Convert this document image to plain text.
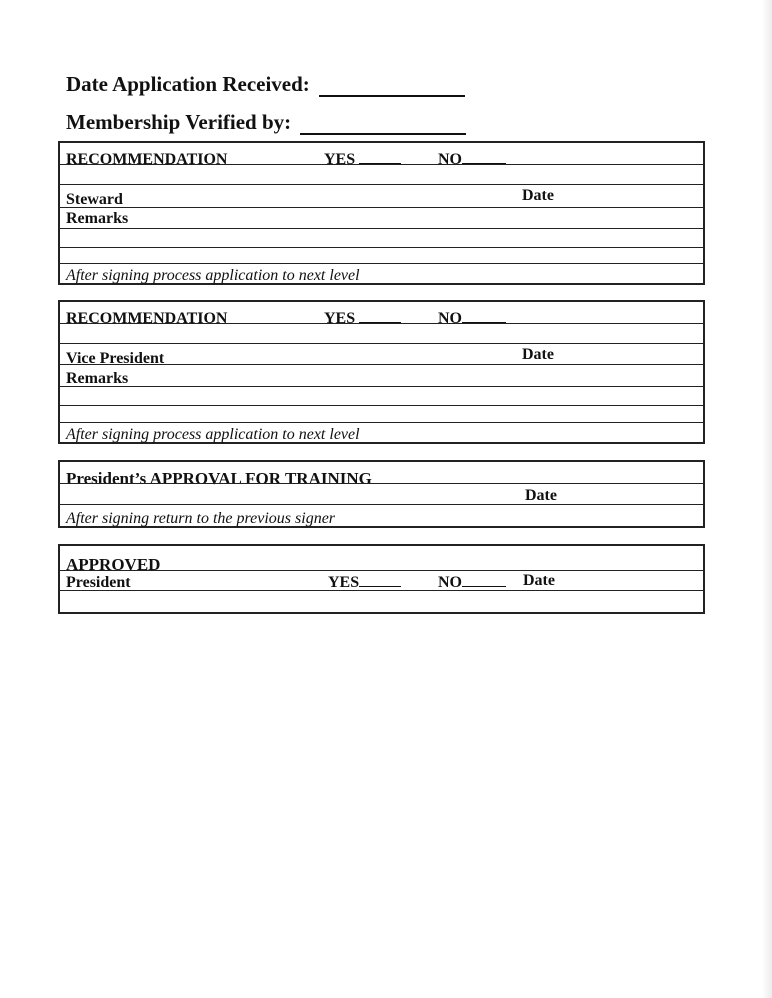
Date Application Received:
Membership Verified by:
RECOMMENDATION	YES	NO
Date
Steward
Remarks
After signing process application to next level
RECOMMENDATION	YES	NO
Date
Vice President
Remarks
After signing process application to next level
President’s APPROVAL FOR TRAINING
Date
After signing return to the previous signer
APPROVED
President	YES	NO	Date
